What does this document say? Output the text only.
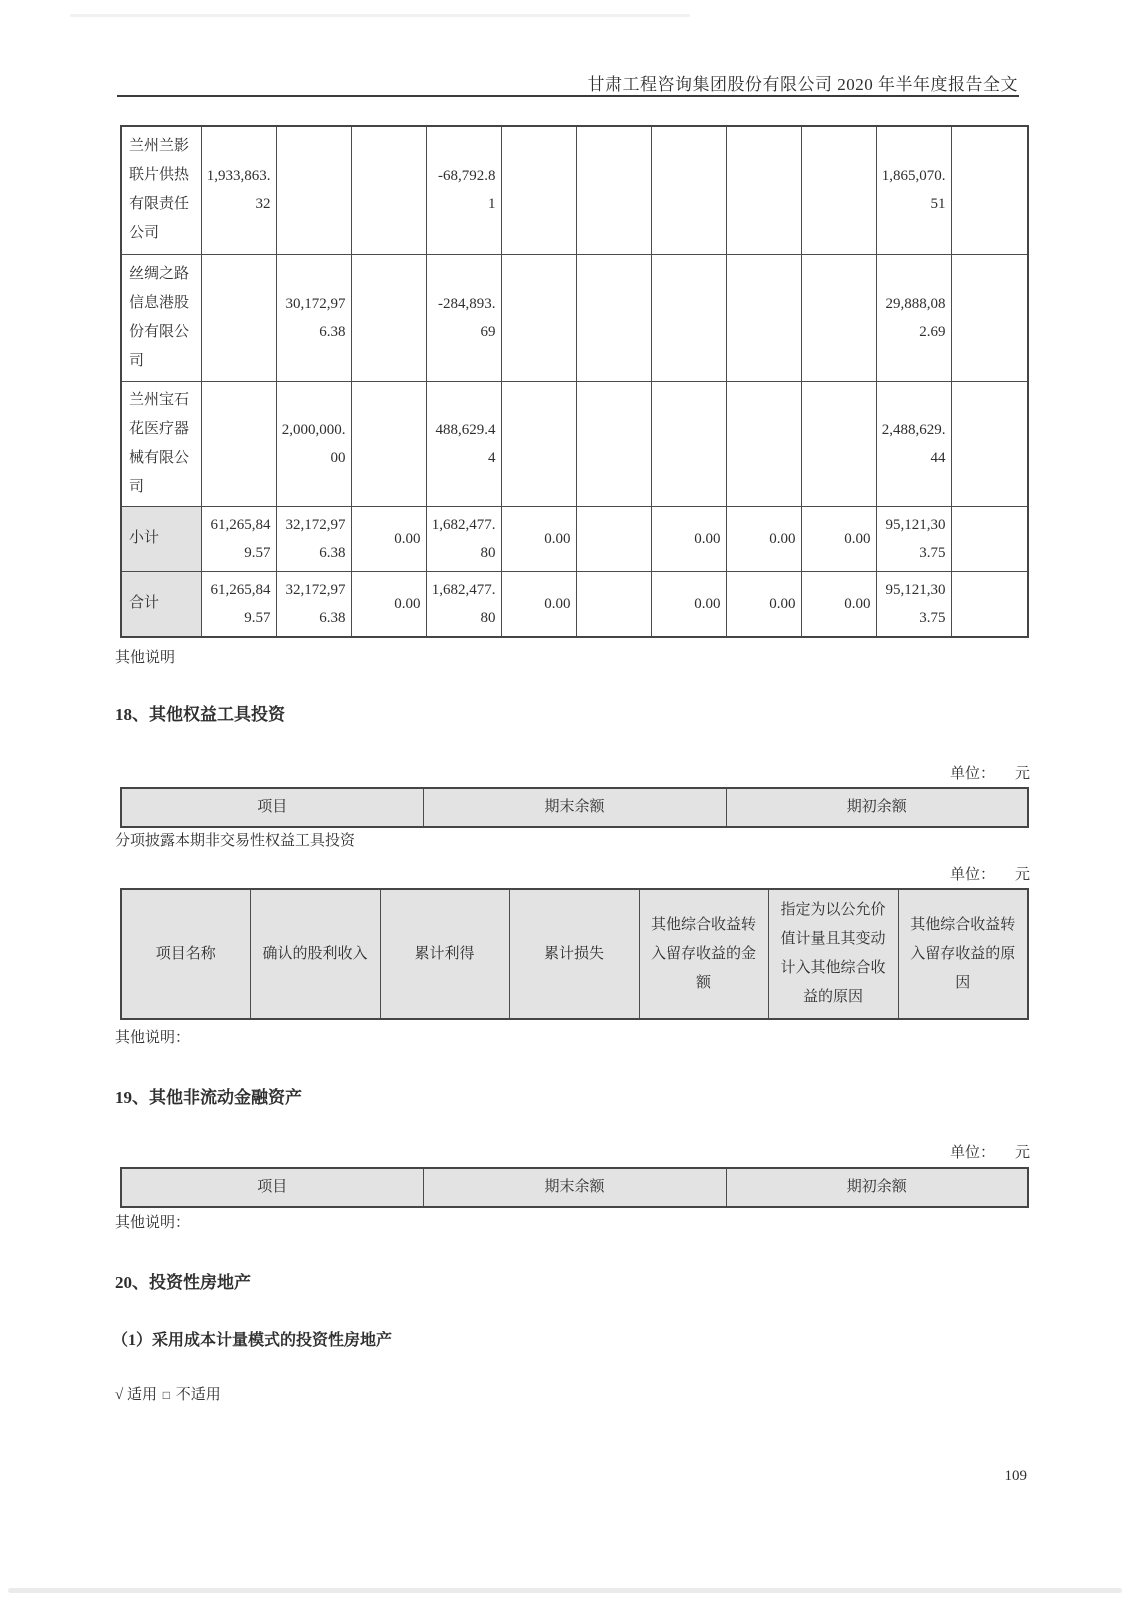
甘肃工程咨询集团股份有限公司 2020 年半年度报告全文
兰州兰影联片供热有限责任公司	1,933,863.32			-68,792.81						1,865,070.51	
丝绸之路信息港股份有限公司		30,172,976.38		-284,893.69						29,888,082.69	
兰州宝石花医疗器械有限公司		2,000,000.00		488,629.44						2,488,629.44	
小计	61,265,849.57	32,172,976.38	0.00	1,682,477.80	0.00		0.00	0.00	0.00	95,121,303.75	
合计	61,265,849.57	32,172,976.38	0.00	1,682,477.80	0.00		0.00	0.00	0.00	95,121,303.75	
其他说明
18、其他权益工具投资
单位： 元
项目	期末余额	期初余额
分项披露本期非交易性权益工具投资
单位： 元
项目名称	确认的股利收入	累计利得	累计损失	其他综合收益转入留存收益的金额	指定为以公允价值计量且其变动计入其他综合收益的原因	其他综合收益转入留存收益的原因
其他说明：
19、其他非流动金融资产
单位： 元
项目	期末余额	期初余额
其他说明：
20、投资性房地产
（1）采用成本计量模式的投资性房地产
√ 适用 □ 不适用
109
